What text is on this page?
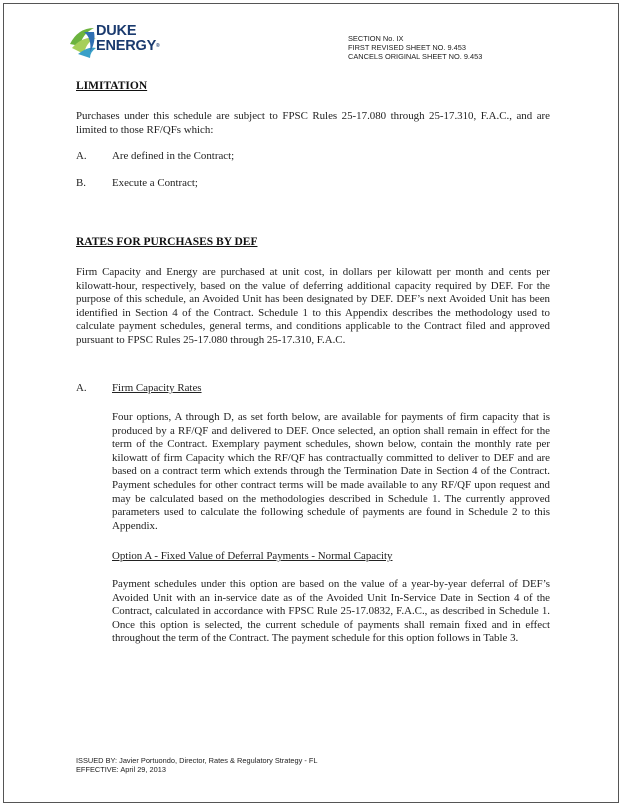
DUKE
ENERGY®
SECTION No. IX
FIRST REVISED SHEET NO. 9.453
CANCELS ORIGINAL SHEET NO. 9.453
LIMITATION
Purchases under this schedule are subject to FPSC Rules 25-17.080 through 25-17.310, F.A.C., and are limited to those RF/QFs which:
A. Are defined in the Contract;
B. Execute a Contract;
RATES FOR PURCHASES BY DEF
Firm Capacity and Energy are purchased at unit cost, in dollars per kilowatt per month and cents per kilowatt-hour, respectively, based on the value of deferring additional capacity required by DEF. For the purpose of this schedule, an Avoided Unit has been designated by DEF. DEF’s next Avoided Unit has been identified in Section 4 of the Contract. Schedule 1 to this Appendix describes the methodology used to calculate payment schedules, general terms, and conditions applicable to the Contract filed and approved pursuant to FPSC Rules 25-17.080 through 25-17.310, F.A.C.
A. Firm Capacity Rates
Four options, A through D, as set forth below, are available for payments of firm capacity that is produced by a RF/QF and delivered to DEF. Once selected, an option shall remain in effect for the term of the Contract. Exemplary payment schedules, shown below, contain the monthly rate per kilowatt of firm Capacity which the RF/QF has contractually committed to deliver to DEF and are based on a contract term which extends through the Termination Date in Section 4 of the Contract. Payment schedules for other contract terms will be made available to any RF/QF upon request and may be calculated based on the methodologies described in Schedule 1. The currently approved parameters used to calculate the following schedule of payments are found in Schedule 2 to this Appendix.
Option A - Fixed Value of Deferral Payments - Normal Capacity
Payment schedules under this option are based on the value of a year-by-year deferral of DEF’s Avoided Unit with an in-service date as of the Avoided Unit In-Service Date in Section 4 of the Contract, calculated in accordance with FPSC Rule 25-17.0832, F.A.C., as described in Schedule 1. Once this option is selected, the current schedule of payments shall remain fixed and in effect throughout the term of the Contract. The payment schedule for this option follows in Table 3.
ISSUED BY: Javier Portuondo, Director, Rates & Regulatory Strategy - FL
EFFECTIVE: April 29, 2013
